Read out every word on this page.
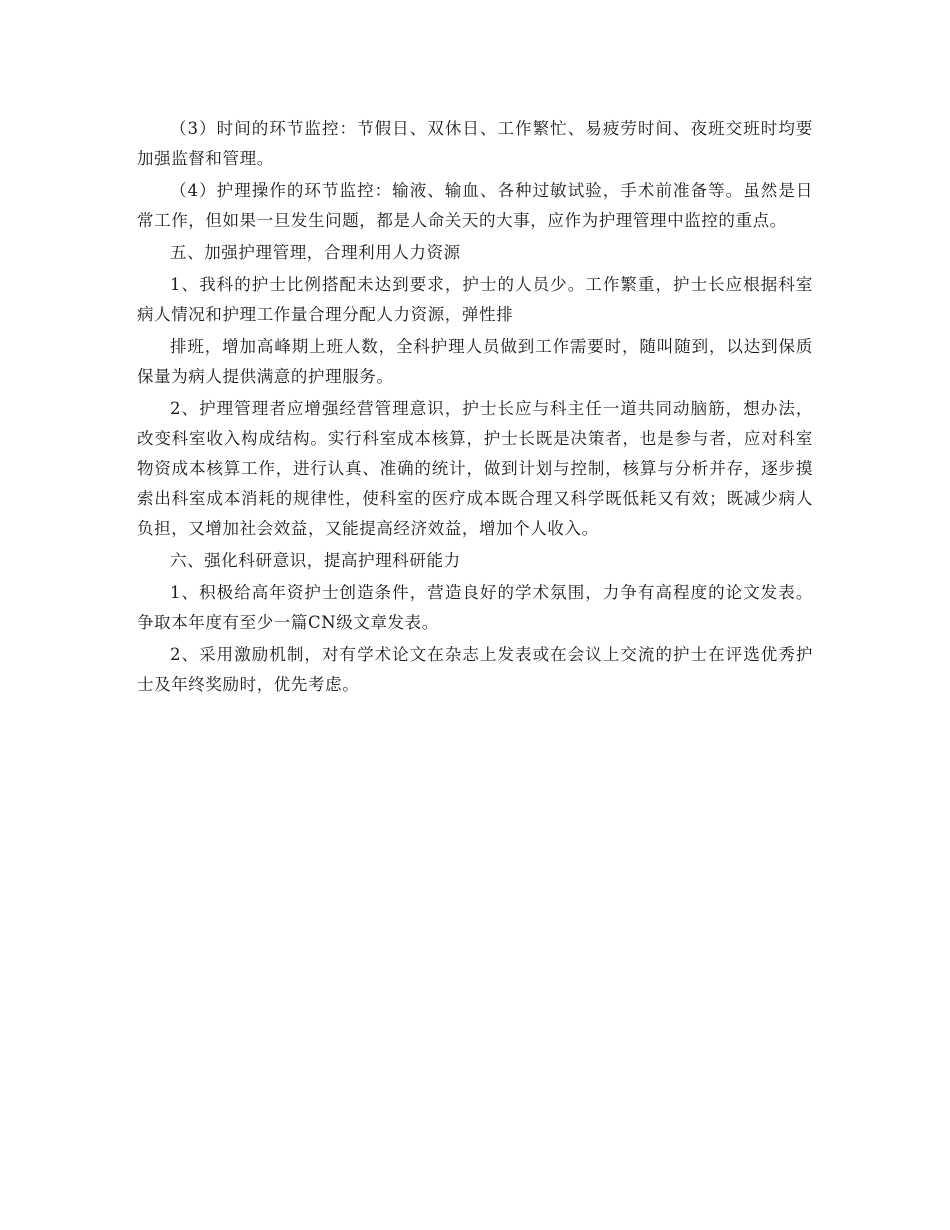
（3）时间的环节监控：节假日、双休日、工作繁忙、易疲劳时间、夜班交班时均要加强监督和管理。

（4）护理操作的环节监控：输液、输血、各种过敏试验，手术前准备等。虽然是日常工作，但如果一旦发生问题，都是人命关天的大事，应作为护理管理中监控的重点。

五、加强护理管理，合理利用人力资源

1、我科的护士比例搭配未达到要求，护士的人员少。工作繁重，护士长应根据科室病人情况和护理工作量合理分配人力资源，弹性排

排班，增加高峰期上班人数，全科护理人员做到工作需要时，随叫随到，以达到保质保量为病人提供满意的护理服务。

2、护理管理者应增强经营管理意识，护士长应与科主任一道共同动脑筋，想办法，改变科室收入构成结构。实行科室成本核算，护士长既是决策者，也是参与者，应对科室物资成本核算工作，进行认真、准确的统计，做到计划与控制，核算与分析并存，逐步摸索出科室成本消耗的规律性，使科室的医疗成本既合理又科学既低耗又有效；既减少病人负担，又增加社会效益，又能提高经济效益，增加个人收入。

六、强化科研意识，提高护理科研能力

1、积极给高年资护士创造条件，营造良好的学术氛围，力争有高程度的论文发表。争取本年度有至少一篇CN级文章发表。

2、采用激励机制，对有学术论文在杂志上发表或在会议上交流的护士在评选优秀护士及年终奖励时，优先考虑。
